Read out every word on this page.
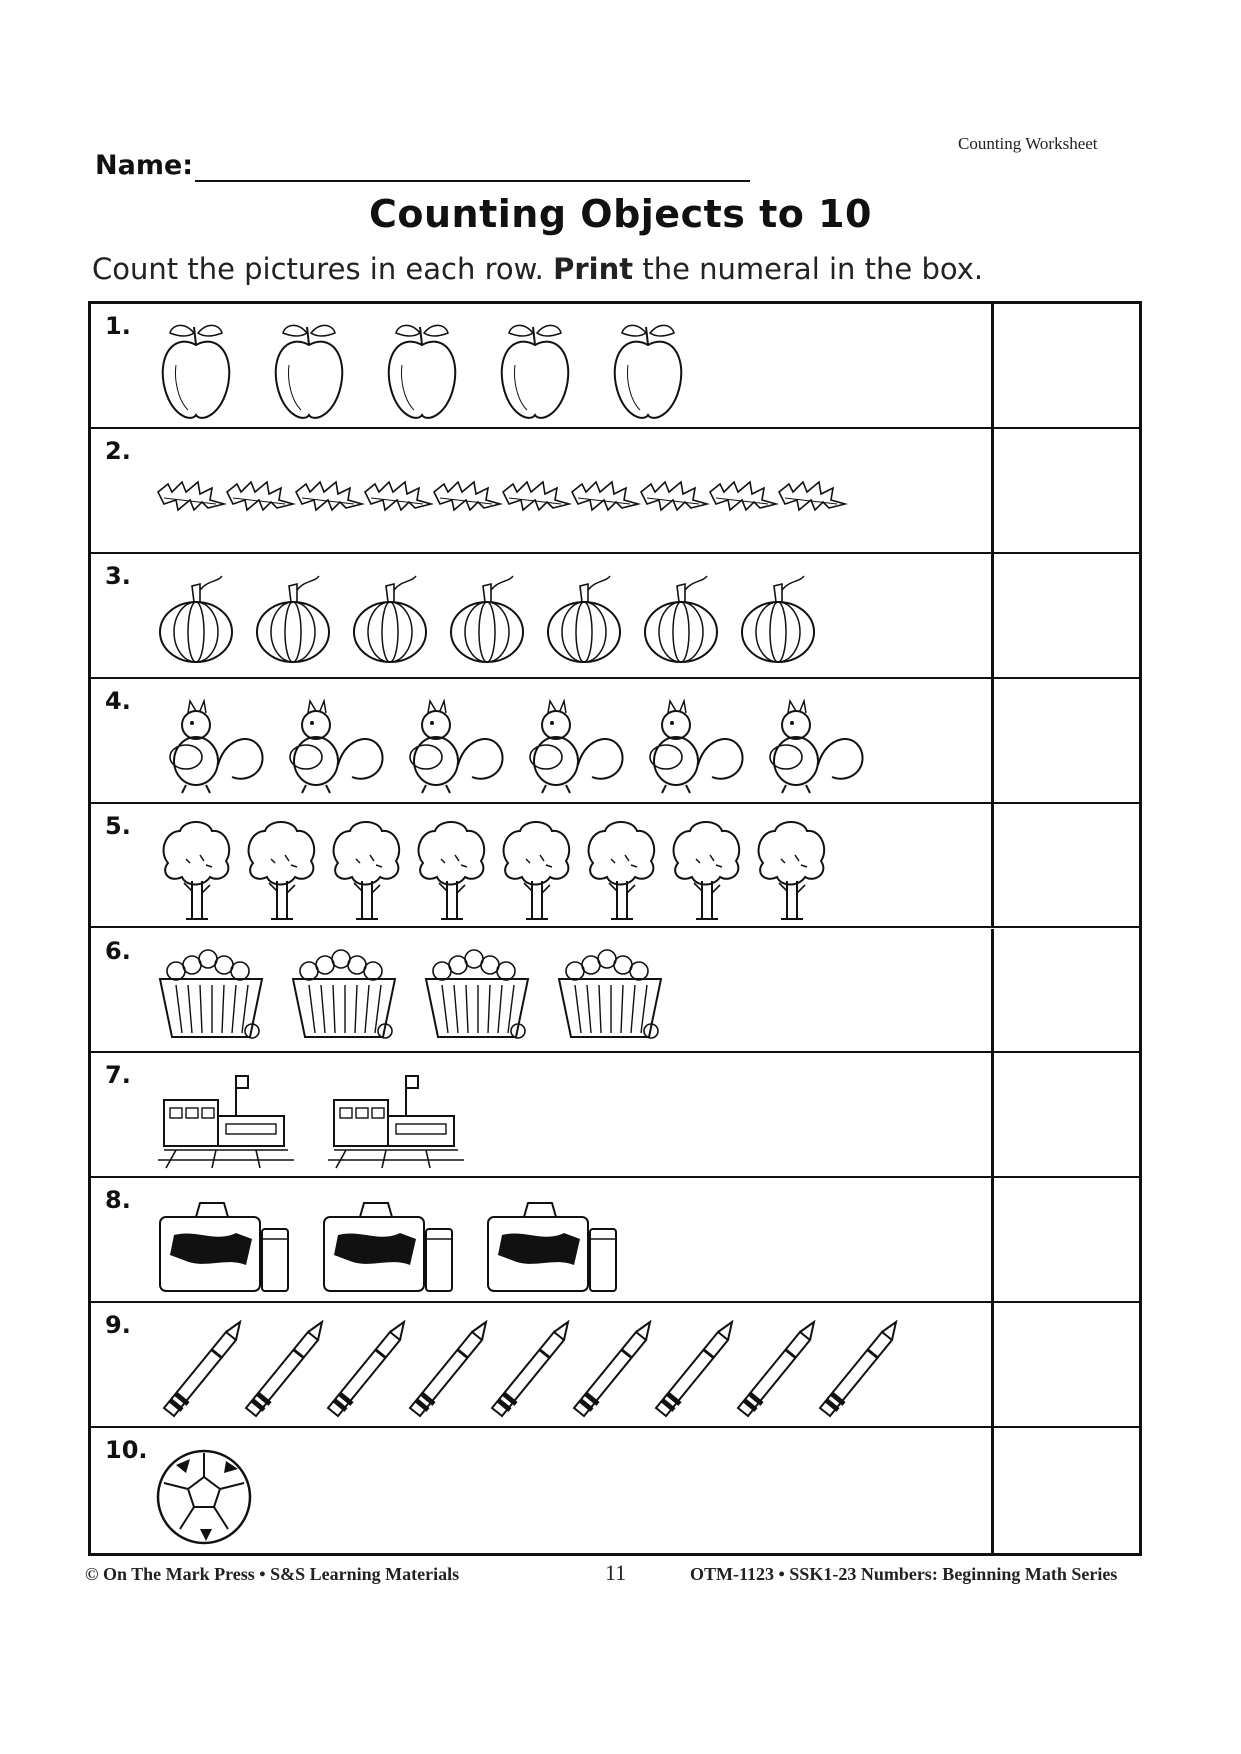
Counting Worksheet
Name:
Counting Objects to 10
Count the pictures in each row. Print the numeral in the box.
1.
2.
3.
4.
5.
6.
7.
8.
9.
10.
© On The Mark Press • S&S Learning Materials	11	OTM-1123 • SSK1-23 Numbers: Beginning Math Series
